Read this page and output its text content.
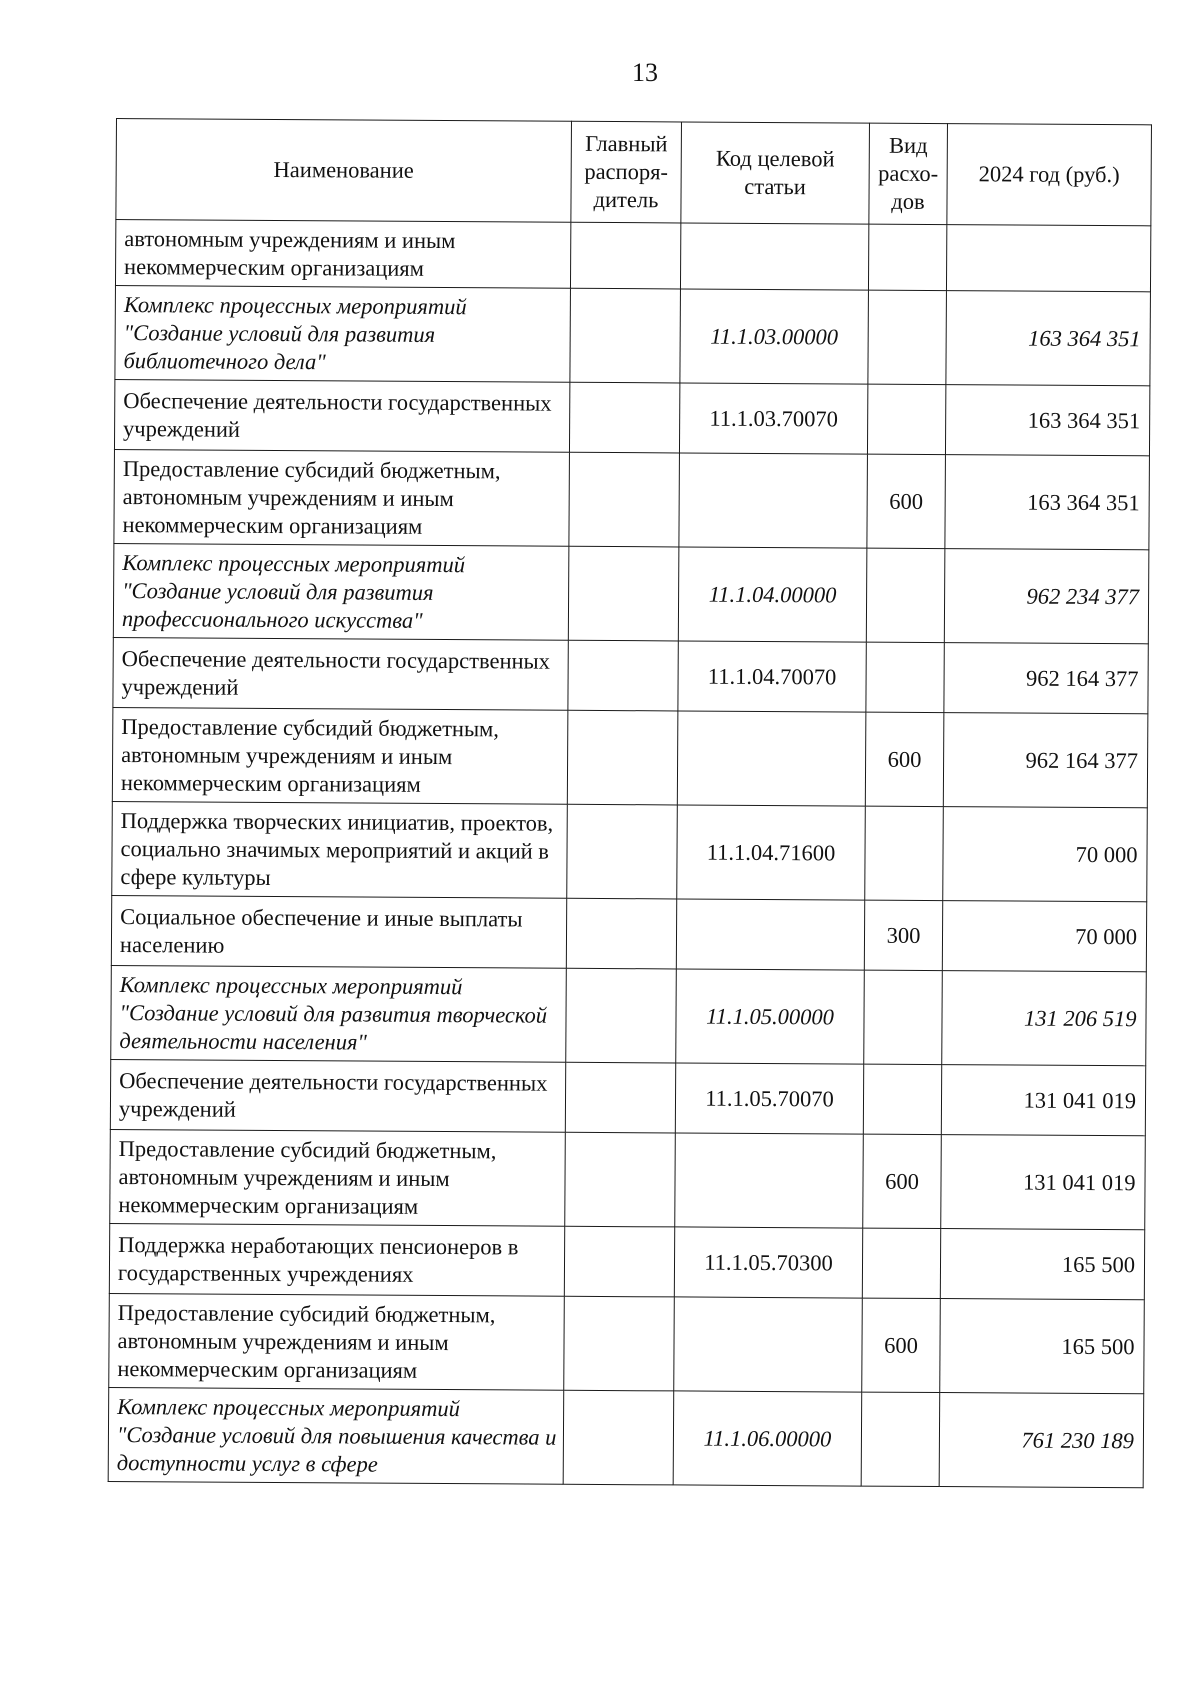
13
Наименование	Главный распоря-дитель	Код целевой статьи	Вид расхо-дов	2024 год (руб.)
автономным учреждениям и иным некоммерческим организациям				
Комплекс процессных мероприятий "Создание условий для развития библиотечного дела"		11.1.03.00000		163 364 351
Обеспечение деятельности государственных учреждений		11.1.03.70070		163 364 351
Предоставление субсидий бюджетным, автономным учреждениям и иным некоммерческим организациям			600	163 364 351
Комплекс процессных мероприятий "Создание условий для развития профессионального искусства"		11.1.04.00000		962 234 377
Обеспечение деятельности государственных учреждений		11.1.04.70070		962 164 377
Предоставление субсидий бюджетным, автономным учреждениям и иным некоммерческим организациям			600	962 164 377
Поддержка творческих инициатив, проектов, социально значимых мероприятий и акций в сфере культуры		11.1.04.71600		70 000
Социальное обеспечение и иные выплаты населению			300	70 000
Комплекс процессных мероприятий "Создание условий для развития творческой деятельности населения"		11.1.05.00000		131 206 519
Обеспечение деятельности государственных учреждений		11.1.05.70070		131 041 019
Предоставление субсидий бюджетным, автономным учреждениям и иным некоммерческим организациям			600	131 041 019
Поддержка неработающих пенсионеров в государственных учреждениях		11.1.05.70300		165 500
Предоставление субсидий бюджетным, автономным учреждениям и иным некоммерческим организациям			600	165 500
Комплекс процессных мероприятий "Создание условий для повышения качества и доступности услуг в сфере		11.1.06.00000		761 230 189
